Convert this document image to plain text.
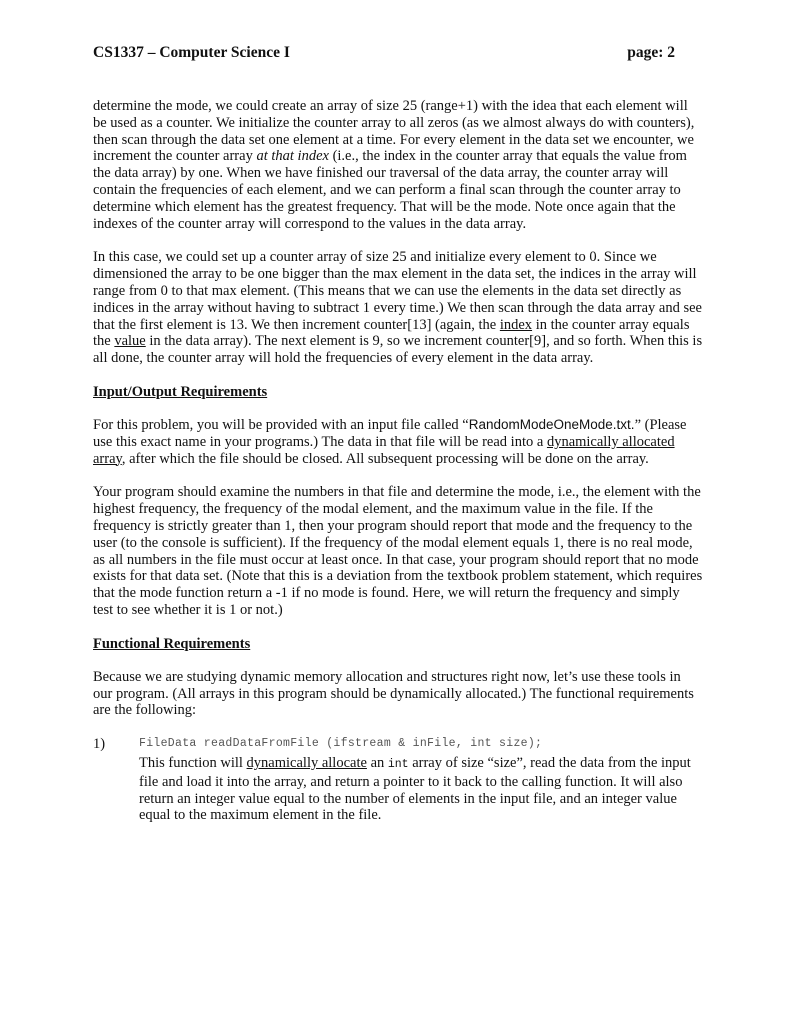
CS1337 – Computer Science I	page: 2

determine the mode, we could create an array of size 25 (range+1) with the idea that each element will be used as a counter. We initialize the counter array to all zeros (as we almost always do with counters), then scan through the data set one element at a time. For every element in the data set we encounter, we increment the counter array at that index (i.e., the index in the counter array that equals the value from the data array) by one. When we have finished our traversal of the data array, the counter array will contain the frequencies of each element, and we can perform a final scan through the counter array to determine which element has the greatest frequency. That will be the mode. Note once again that the indexes of the counter array will correspond to the values in the data array.

In this case, we could set up a counter array of size 25 and initialize every element to 0. Since we dimensioned the array to be one bigger than the max element in the data set, the indices in the array will range from 0 to that max element. (This means that we can use the elements in the data set directly as indices in the array without having to subtract 1 every time.) We then scan through the data array and see that the first element is 13. We then increment counter[13] (again, the index in the counter array equals the value in the data array). The next element is 9, so we increment counter[9], and so forth. When this is all done, the counter array will hold the frequencies of every element in the data array.

Input/Output Requirements

For this problem, you will be provided with an input file called “RandomModeOneMode.txt.” (Please use this exact name in your programs.) The data in that file will be read into a dynamically allocated array, after which the file should be closed. All subsequent processing will be done on the array.

Your program should examine the numbers in that file and determine the mode, i.e., the element with the highest frequency, the frequency of the modal element, and the maximum value in the file. If the frequency is strictly greater than 1, then your program should report that mode and the frequency to the user (to the console is sufficient). If the frequency of the modal element equals 1, there is no real mode, as all numbers in the file must occur at least once. In that case, your program should report that no mode exists for that data set. (Note that this is a deviation from the textbook problem statement, which requires that the mode function return a -1 if no mode is found. Here, we will return the frequency and simply test to see whether it is 1 or not.)

Functional Requirements

Because we are studying dynamic memory allocation and structures right now, let’s use these tools in our program. (All arrays in this program should be dynamically allocated.) The functional requirements are the following:

1)	FileData readDataFromFile (ifstream & inFile, int size);
This function will dynamically allocate an int array of size “size”, read the data from the input file and load it into the array, and return a pointer to it back to the calling function. It will also return an integer value equal to the number of elements in the input file, and an integer value equal to the maximum element in the file.
